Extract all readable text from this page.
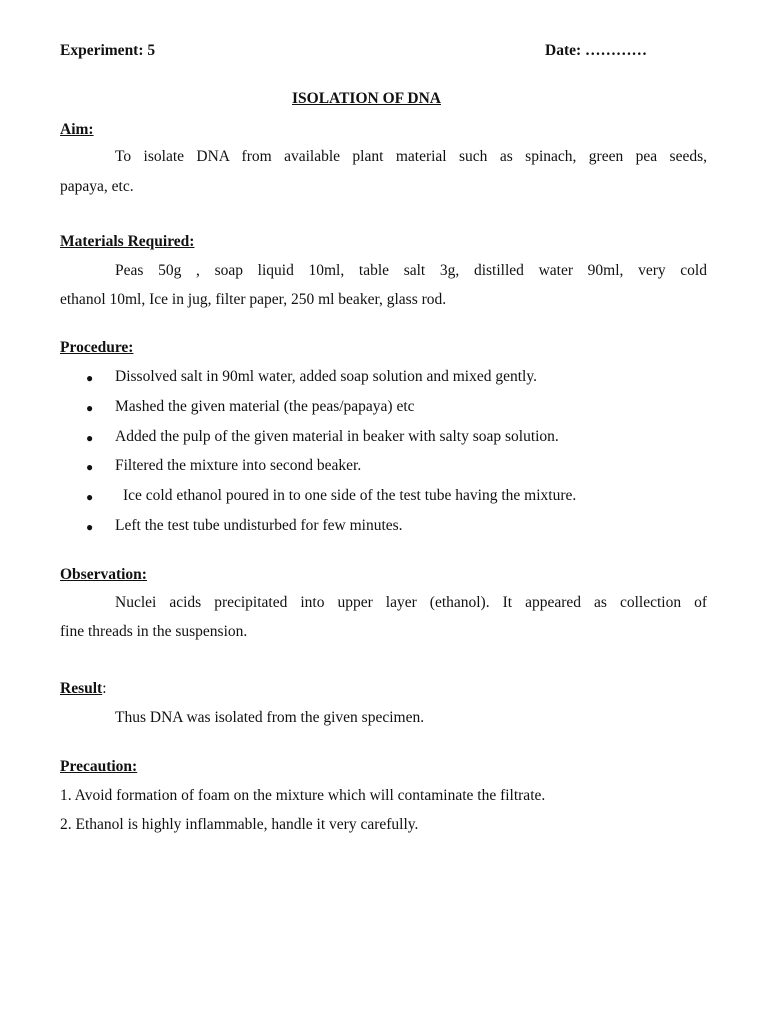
Experiment: 5	Date: …………
ISOLATION OF DNA
Aim:
To isolate DNA from available plant material such as spinach, green pea seeds,
papaya, etc.
Materials Required:
Peas 50g , soap liquid 10ml, table salt 3g, distilled water 90ml, very cold
ethanol 10ml, Ice in jug, filter paper, 250 ml beaker, glass rod.
Procedure:
● Dissolved salt in 90ml water, added soap solution and mixed gently.
● Mashed the given material (the peas/papaya) etc
● Added the pulp of the given material in beaker with salty soap solution.
● Filtered the mixture into second beaker.
● Ice cold ethanol poured in to one side of the test tube having the mixture.
● Left the test tube undisturbed for few minutes.
Observation:
Nuclei acids precipitated into upper layer (ethanol). It appeared as collection of
fine threads in the suspension.
Result:
Thus DNA was isolated from the given specimen.
Precaution:
1. Avoid formation of foam on the mixture which will contaminate the filtrate.
2. Ethanol is highly inflammable, handle it very carefully.
